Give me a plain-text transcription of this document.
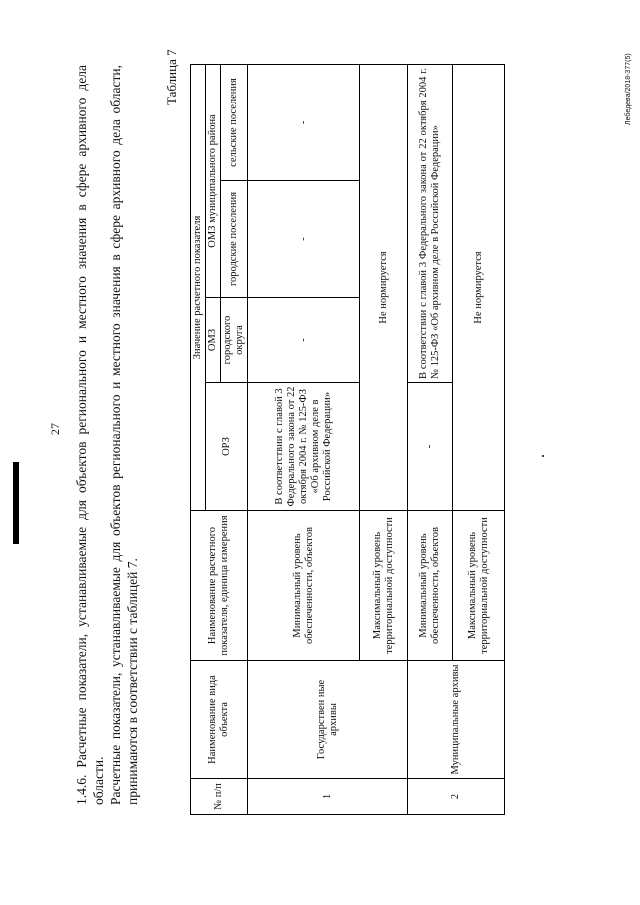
27 1.4.6. Расчетные показатели, устанавливаемые для объектов регионального и местного значения в сфере архивного дела области. Расчетные показатели, устанавливаемые для объектов регионального и местного значения в сфере архивного дела области, принимаются в соответствии с таблицей 7.

Таблица 7
№ п/п	Наименование вида объекта	Наименование расчетного показателя, единица измерения	Значение расчетного показателя			
			ОРЗ	ОМЗ	ОМЗ муниципального района	
				городского округа	городские поселения	сельские поселения
1	Государствен ные архивы	Минимальный уровень обеспеченности, объектов	В соответствии с главой 3 Федерального закона от 22 октября 2004 г. № 125-ФЗ «Об архивном деле в Российской Федерации»	-	-	-
		Максимальный уровень территориальной доступности	Не нормируется			
2	Муниципальные архивы	Минимальный уровень обеспеченности, объектов	-	В соответствии с главой 3 Федерального закона от 22 октября 2004 г. № 125-ФЗ «Об архивном деле в Российской Федерации»		
		Максимальный уровень территориальной доступности	Не нормируется			
Лебедева/2018-377(5)
